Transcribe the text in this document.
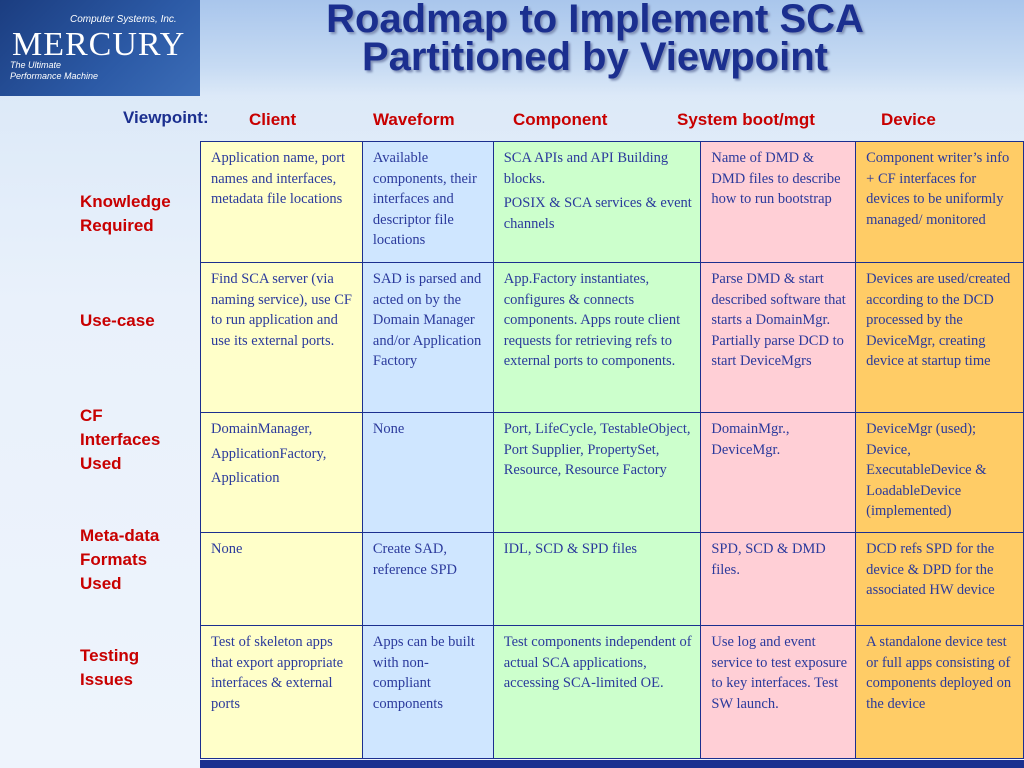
Computer Systems, Inc.
MERCURY
The Ultimate
Performance Machine
Roadmap to Implement SCA
Partitioned by Viewpoint
Viewpoint: Client	Waveform	Component	System boot/mgt	Device
Knowledge
Required
Use-case
CF
Interfaces
Used
Meta-data
Formats
Used
Testing
Issues
Application name, port names and interfaces, metadata file locations	Available components, their interfaces and descriptor file locations	SCA APIs and API Building blocks.
POSIX & SCA services & event channels	Name of DMD & DMD files to describe how to run bootstrap	Component writer’s info + CF interfaces for devices to be uniformly managed/ monitored

Find SCA server (via naming service), use CF to run application and use its external ports.	SAD is parsed and acted on by the Domain Manager and/or Application Factory	App.Factory instantiates, configures & connects components. Apps route client requests for retrieving refs to external ports to components.	Parse DMD & start described software that starts a DomainMgr. Partially parse DCD to start DeviceMgrs	Devices are used/created according to the DCD processed by the DeviceMgr, creating device at startup time

DomainManager,
ApplicationFactory,
Application	None	Port, LifeCycle, TestableObject, Port Supplier, PropertySet, Resource, Resource Factory	DomainMgr., DeviceMgr.	DeviceMgr (used); Device, ExecutableDevice & LoadableDevice (implemented)

None	Create SAD, reference SPD	IDL, SCD & SPD files	SPD, SCD & DMD files.	DCD refs SPD for the device & DPD for the associated HW device

Test of skeleton apps that export appropriate interfaces & external ports	Apps can be built with non-compliant components	Test components independent of actual SCA applications, accessing SCA-limited OE.	Use log and event service to test exposure to key interfaces. Test SW launch.	A standalone device test or full apps consisting of components deployed on the device
